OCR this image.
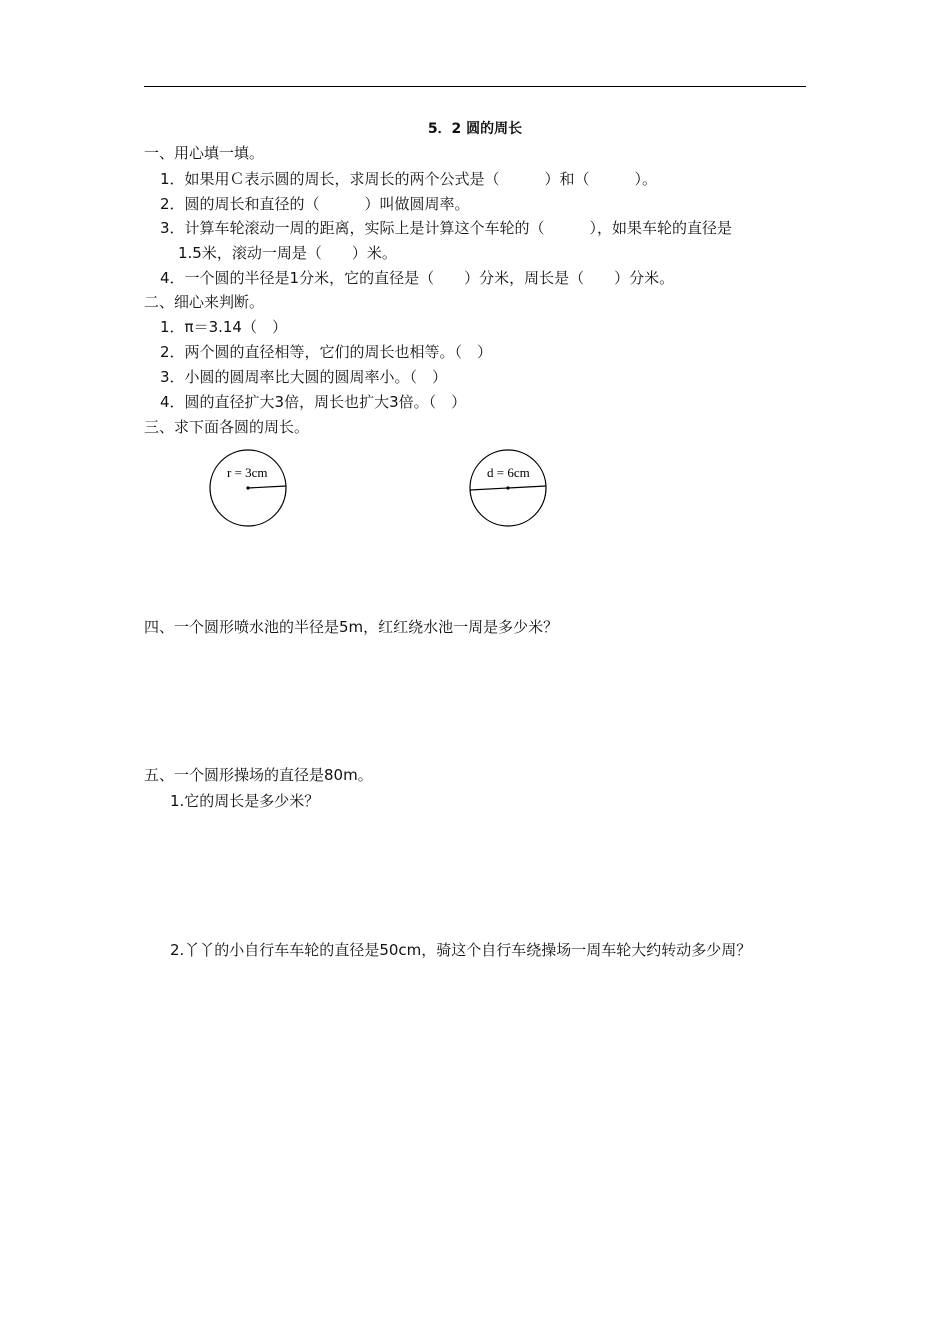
5．2 圆的周长
一、用心填一填。
1．如果用Ｃ表示圆的周长，求周长的两个公式是（　　　）和（　　　）。
2．圆的周长和直径的（　　　）叫做圆周率。
3．计算车轮滚动一周的距离，实际上是计算这个车轮的（　　　），如果车轮的直径是
1.5米，滚动一周是（　　）米。
4．一个圆的半径是1分米，它的直径是（　　）分米，周长是（　　）分米。
二、细心来判断。
1．π＝3.14（　）
2．两个圆的直径相等，它们的周长也相等。（　）
3．小圆的圆周率比大圆的圆周率小。（　）
4．圆的直径扩大3倍，周长也扩大3倍。（　）
三、求下面各圆的周长。
r = 3cm	d = 6cm
四、一个圆形喷水池的半径是5m，红红绕水池一周是多少米？
五、一个圆形操场的直径是80m。
1.它的周长是多少米？
2.丫丫的小自行车车轮的直径是50cm，骑这个自行车绕操场一周车轮大约转动多少周？
